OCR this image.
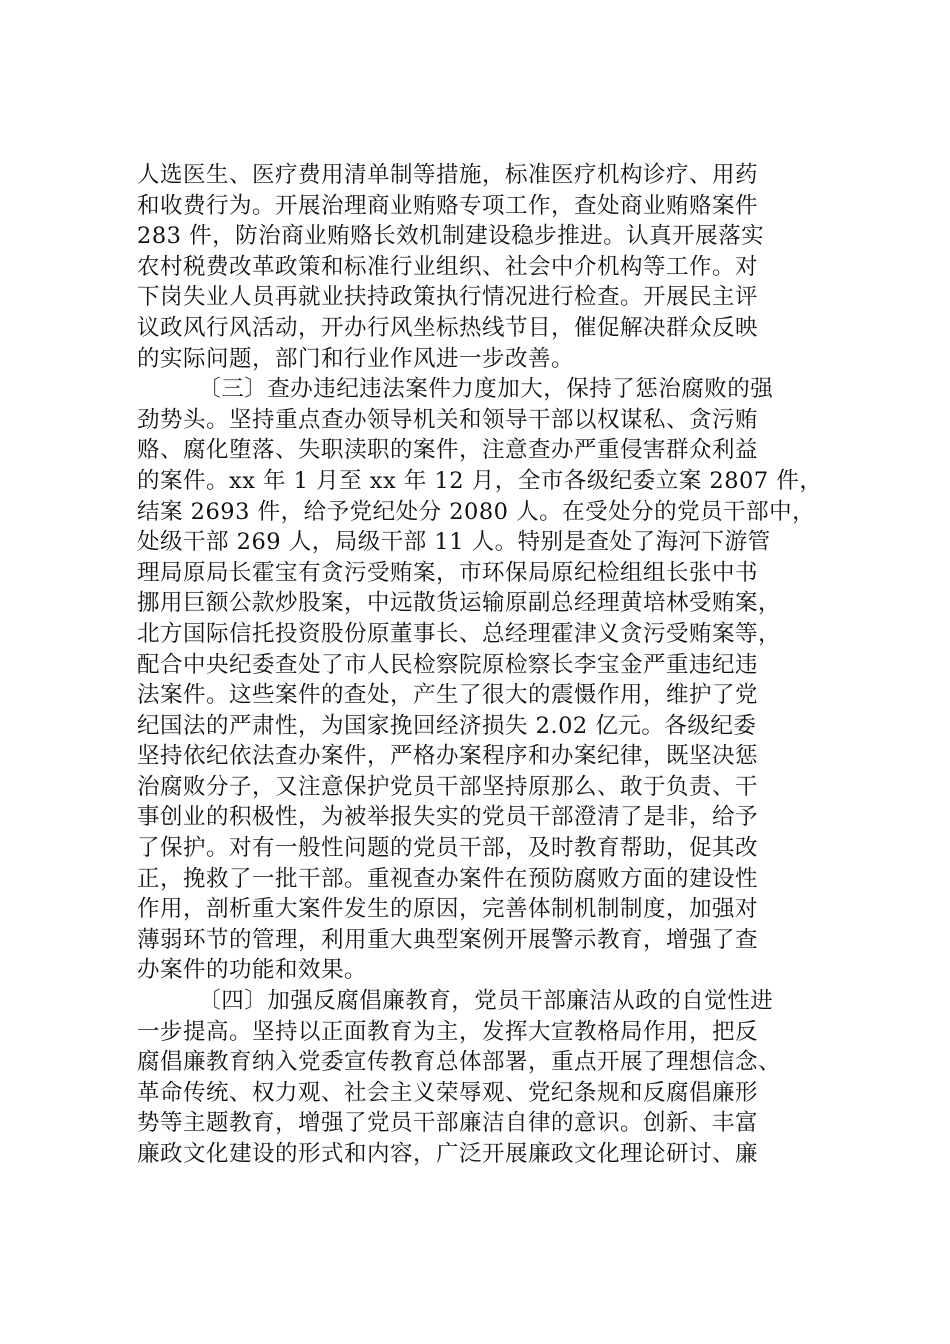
人选医生、医疗费用清单制等措施，标准医疗机构诊疗、用药
和收费行为。开展治理商业贿赂专项工作，查处商业贿赂案件
283 件，防治商业贿赂长效机制建设稳步推进。认真开展落实
农村税费改革政策和标准行业组织、社会中介机构等工作。对
下岗失业人员再就业扶持政策执行情况进行检查。开展民主评
议政风行风活动，开办行风坐标热线节目，催促解决群众反映
的实际问题，部门和行业作风进一步改善。
〔三〕查办违纪违法案件力度加大，保持了惩治腐败的强
劲势头。坚持重点查办领导机关和领导干部以权谋私、贪污贿
赂、腐化堕落、失职渎职的案件，注意查办严重侵害群众利益
的案件。xx 年 1 月至 xx 年 12 月，全市各级纪委立案 2807 件，
结案 2693 件，给予党纪处分 2080 人。在受处分的党员干部中，
处级干部 269 人，局级干部 11 人。特别是查处了海河下游管
理局原局长霍宝有贪污受贿案，市环保局原纪检组组长张中书
挪用巨额公款炒股案，中远散货运输原副总经理黄培林受贿案，
北方国际信托投资股份原董事长、总经理霍津义贪污受贿案等，
配合中央纪委查处了市人民检察院原检察长李宝金严重违纪违
法案件。这些案件的查处，产生了很大的震慑作用，维护了党
纪国法的严肃性，为国家挽回经济损失 2.02 亿元。各级纪委
坚持依纪依法查办案件，严格办案程序和办案纪律，既坚决惩
治腐败分子，又注意保护党员干部坚持原那么、敢于负责、干
事创业的积极性，为被举报失实的党员干部澄清了是非，给予
了保护。对有一般性问题的党员干部，及时教育帮助，促其改
正，挽救了一批干部。重视查办案件在预防腐败方面的建设性
作用，剖析重大案件发生的原因，完善体制机制制度，加强对
薄弱环节的管理，利用重大典型案例开展警示教育，增强了查
办案件的功能和效果。
〔四〕加强反腐倡廉教育，党员干部廉洁从政的自觉性进
一步提高。坚持以正面教育为主，发挥大宣教格局作用，把反
腐倡廉教育纳入党委宣传教育总体部署，重点开展了理想信念、
革命传统、权力观、社会主义荣辱观、党纪条规和反腐倡廉形
势等主题教育，增强了党员干部廉洁自律的意识。创新、丰富
廉政文化建设的形式和内容，广泛开展廉政文化理论研讨、廉
